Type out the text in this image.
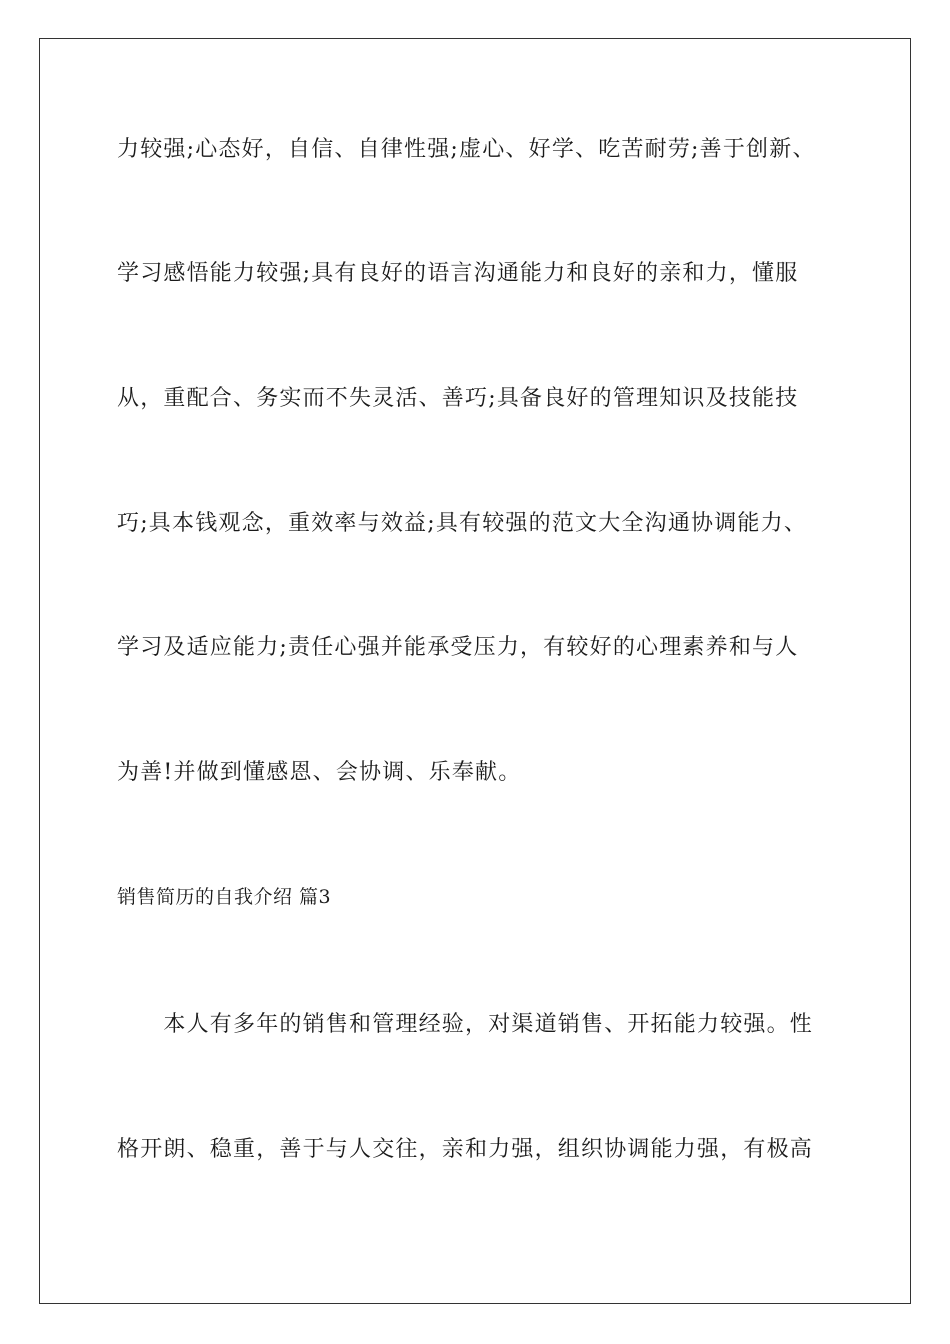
力较强;心态好，自信、自律性强;虚心、好学、吃苦耐劳;善于创新、
学习感悟能力较强;具有良好的语言沟通能力和良好的亲和力，懂服
从，重配合、务实而不失灵活、善巧;具备良好的管理知识及技能技
巧;具本钱观念，重效率与效益;具有较强的范文大全沟通协调能力、
学习及适应能力;责任心强并能承受压力，有较好的心理素养和与人
为善!并做到懂感恩、会协调、乐奉献。
销售简历的自我介绍 篇3
　　本人有多年的销售和管理经验，对渠道销售、开拓能力较强。性
格开朗、稳重，善于与人交往，亲和力强，组织协调能力强，有极高
